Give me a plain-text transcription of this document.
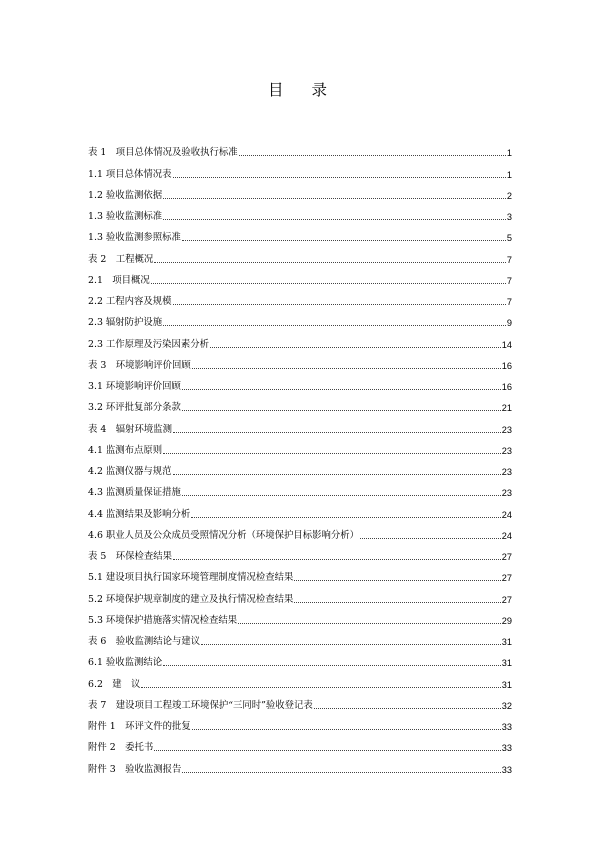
目 录
表 1　项目总体情况及验收执行标准	1
1.1 项目总体情况表	1
1.2 验收监测依据	2
1.3 验收监测标准	3
1.3 验收监测参照标准	5
表 2　工程概况	7
2.1　项目概况	7
2.2 工程内容及规模	7
2.3 辐射防护设施	9
2.3 工作原理及污染因素分析	14
表 3　环境影响评价回顾	16
3.1 环境影响评价回顾	16
3.2 环评批复部分条款	21
表 4　辐射环境监测	23
4.1 监测布点原则	23
4.2 监测仪器与规范	23
4.3 监测质量保证措施	23
4.4 监测结果及影响分析	24
4.6 职业人员及公众成员受照情况分析（环境保护目标影响分析）	24
表 5　环保检查结果	27
5.1 建设项目执行国家环境管理制度情况检查结果	27
5.2 环境保护规章制度的建立及执行情况检查结果	27
5.3 环境保护措施落实情况检查结果	29
表 6　验收监测结论与建议	31
6.1 验收监测结论	31
6.2　建　议	31
表 7　建设项目工程竣工环境保护“三同时”验收登记表	32
附件 1　环评文件的批复	33
附件 2　委托书	33
附件 3　验收监测报告	33
